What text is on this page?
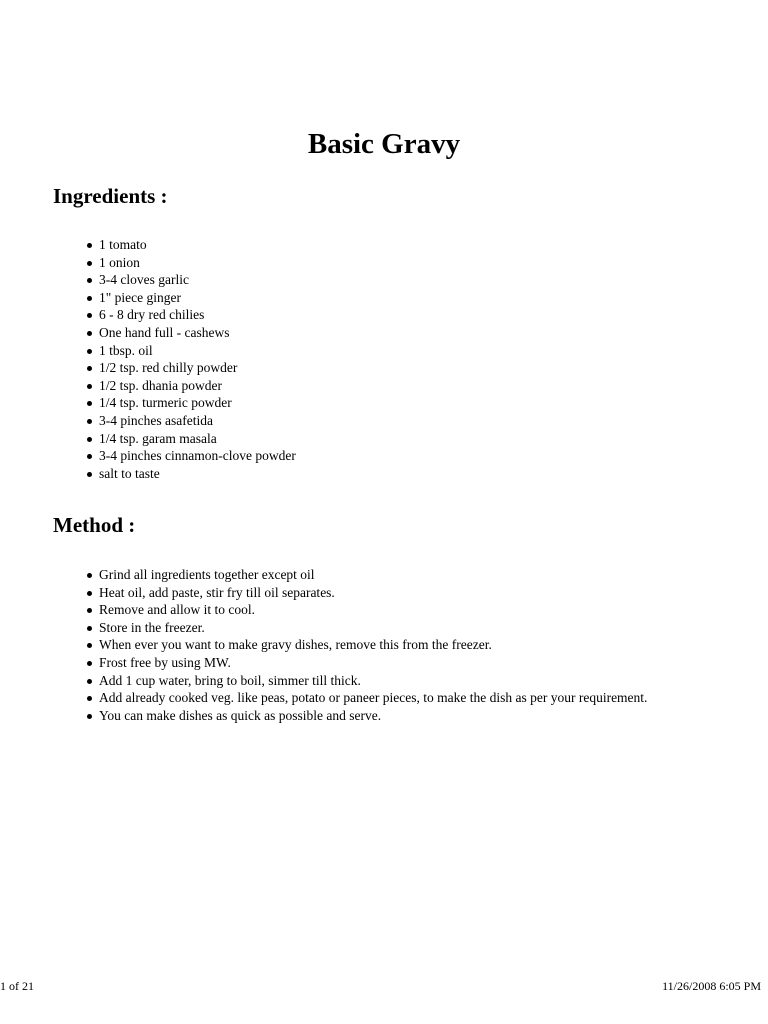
Basic Gravy
Ingredients :
1 tomato
1 onion
3-4 cloves garlic
1" piece ginger
6 - 8 dry red chilies
One hand full - cashews
1 tbsp. oil
1/2 tsp. red chilly powder
1/2 tsp. dhania powder
1/4 tsp. turmeric powder
3-4 pinches asafetida
1/4 tsp. garam masala
3-4 pinches cinnamon-clove powder
salt to taste
Method :
Grind all ingredients together except oil
Heat oil, add paste, stir fry till oil separates.
Remove and allow it to cool.
Store in the freezer.
When ever you want to make gravy dishes, remove this from the freezer.
Frost free by using MW.
Add 1 cup water, bring to boil, simmer till thick.
Add already cooked veg. like peas, potato or paneer pieces, to make the dish as per your requirement.
You can make dishes as quick as possible and serve.
1 of 21	11/26/2008 6:05 PM
